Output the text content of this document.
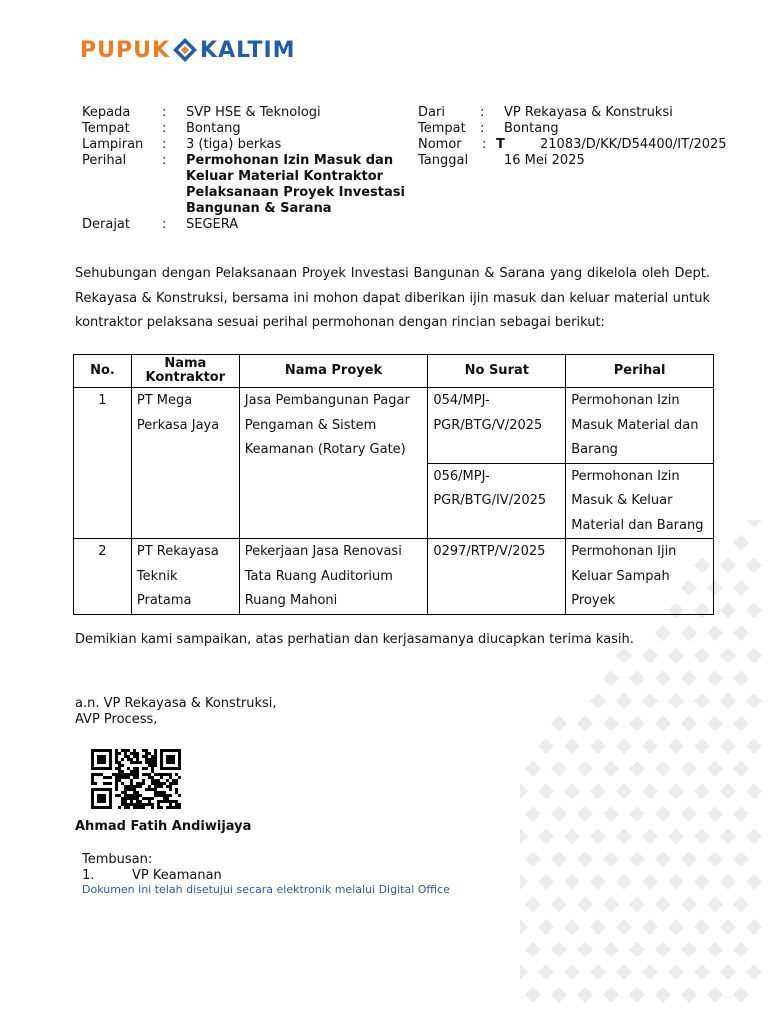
PUPUK KALTIM
Kepada : SVP HSE & Teknologi
Tempat : Bontang
Lampiran : 3 (tiga) berkas
Perihal	: Permohonan Izin Masuk dan
Keluar Material Kontraktor
Pelaksanaan Proyek Investasi
Bangunan & Sarana
Derajat : SEGERA
Dari	: VP Rekayasa & Konstruksi
Tempat : Bontang
Nomor : T	21083/D/KK/D54400/IT/2025
Tanggal	16 Mei 2025
Sehubungan dengan Pelaksanaan Proyek Investasi Bangunan & Sarana yang dikelola oleh Dept. Rekayasa & Konstruksi, bersama ini mohon dapat diberikan ijin masuk dan keluar material untuk kontraktor pelaksana sesuai perihal permohonan dengan rincian sebagai berikut:
No.	Nama Kontraktor	Nama Proyek	No Surat	Perihal
1	PT Mega Perkasa Jaya	Jasa Pembangunan Pagar Pengaman & Sistem Keamanan (Rotary Gate)	054/MPJ-PGR/BTG/V/2025	Permohonan Izin Masuk Material dan Barang
			056/MPJ-PGR/BTG/IV/2025	Permohonan Izin Masuk & Keluar Material dan Barang
2	PT Rekayasa Teknik Pratama	Pekerjaan Jasa Renovasi Tata Ruang Auditorium Ruang Mahoni	0297/RTP/V/2025	Permohonan Ijin Keluar Sampah Proyek
Demikian kami sampaikan, atas perhatian dan kerjasamanya diucapkan terima kasih.
a.n. VP Rekayasa & Konstruksi,
AVP Process,
Ahmad Fatih Andiwijaya
Tembusan:
1.	VP Keamanan
Dokumen ini telah disetujui secara elektronik melalui Digital Office
